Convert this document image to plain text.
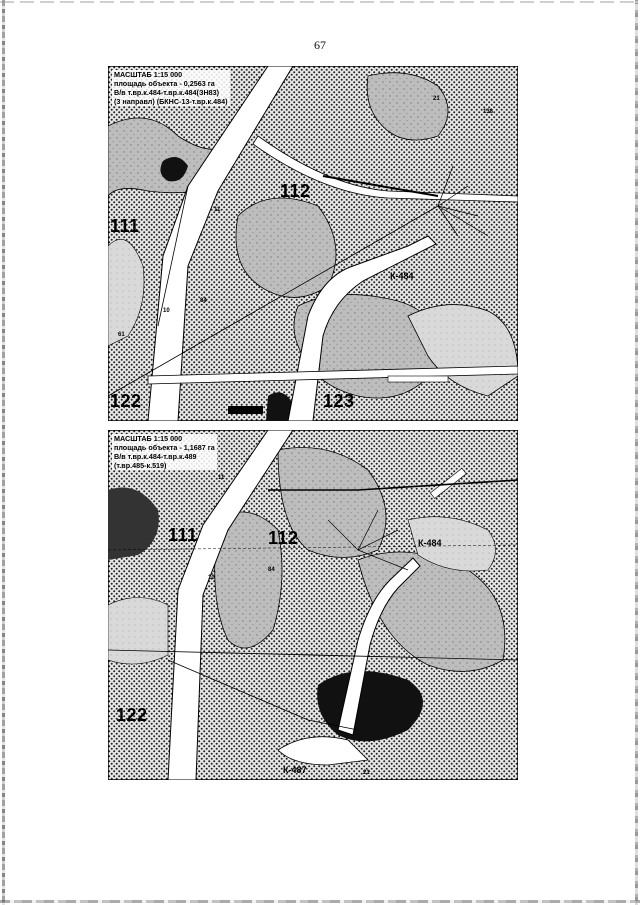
67
МАСШТАБ 1:15 000
площадь объекта - 0,2563 га
В/в т.вр.к.484-т.вр.к.484(ЗН83)
(3 направл) (БКНС-13-т.вр.к.484)
112
111
122	123
К-484
21
138
10
84
11
61
МАСШТАБ 1:15 000
площадь объекта - 1,1687 га
В/в т.вр.к.484-т.вр.к.489
(т.вр.485-к.519)
112
111
122
К-484
К-487
10
84
11
21
